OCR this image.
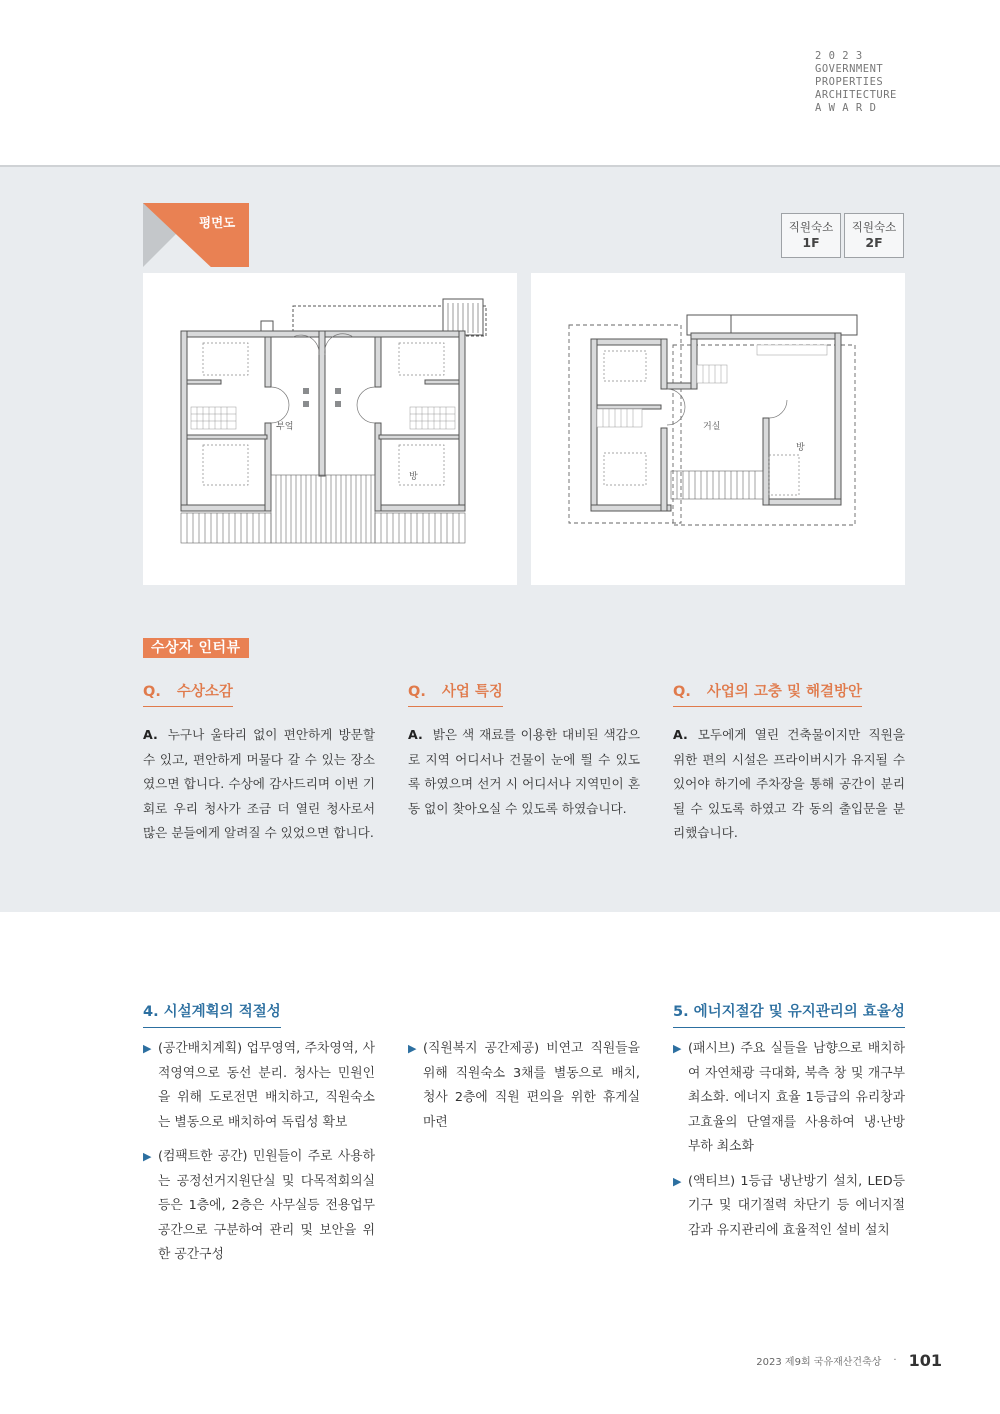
2 0 2 3
GOVERNMENT
PROPERTIES
ARCHITECTURE
A W A R D
평면도	직원숙소
1F
직원숙소
2F
부엌
방
거실
방
수상자 인터뷰
Q. 수상소감

A. 누구나 울타리 없이 편안하게 방문할 수 있고, 편안하게 머물다 갈 수 있는 장소였으면 합니다. 수상에 감사드리며 이번 기회로 우리 청사가 조금 더 열린 청사로서 많은 분들에게 알려질 수 있었으면 합니다.

Q. 사업 특징

A. 밝은 색 재료를 이용한 대비된 색감으로 지역 어디서나 건물이 눈에 띌 수 있도록 하였으며 선거 시 어디서나 지역민이 혼동 없이 찾아오실 수 있도록 하였습니다.

Q. 사업의 고충 및 해결방안

A. 모두에게 열린 건축물이지만 직원을 위한 편의 시설은 프라이버시가 유지될 수 있어야 하기에 주차장을 통해 공간이 분리될 수 있도록 하였고 각 동의 출입문을 분리했습니다.

4. 시설계획의 적절성
▶ (공간배치계획) 업무영역, 주차영역, 사적영역으로 동선 분리. 청사는 민원인을 위해 도로전면 배치하고, 직원숙소는 별동으로 배치하여 독립성 확보
▶ (컴팩트한 공간) 민원들이 주로 사용하는 공정선거지원단실 및 다목적회의실 등은 1층에, 2층은 사무실등 전용업무 공간으로 구분하여 관리 및 보안을 위한 공간구성
▶ (직원복지 공간제공) 비연고 직원들을 위해 직원숙소 3채를 별동으로 배치, 청사 2층에 직원 편의을 위한 휴게실 마련
5. 에너지절감 및 유지관리의 효율성
▶ (패시브) 주요 실들을 남향으로 배치하여 자연채광 극대화, 북측 창 및 개구부 최소화. 에너지 효율 1등급의 유리창과 고효율의 단열재를 사용하여 냉·난방 부하 최소화
▶ (액티브) 1등급 냉난방기 설치, LED등기구 및 대기절력 차단기 등 에너지절감과 유지관리에 효율적인 설비 설치
2023 제9회 국유재산건축상 · 101
